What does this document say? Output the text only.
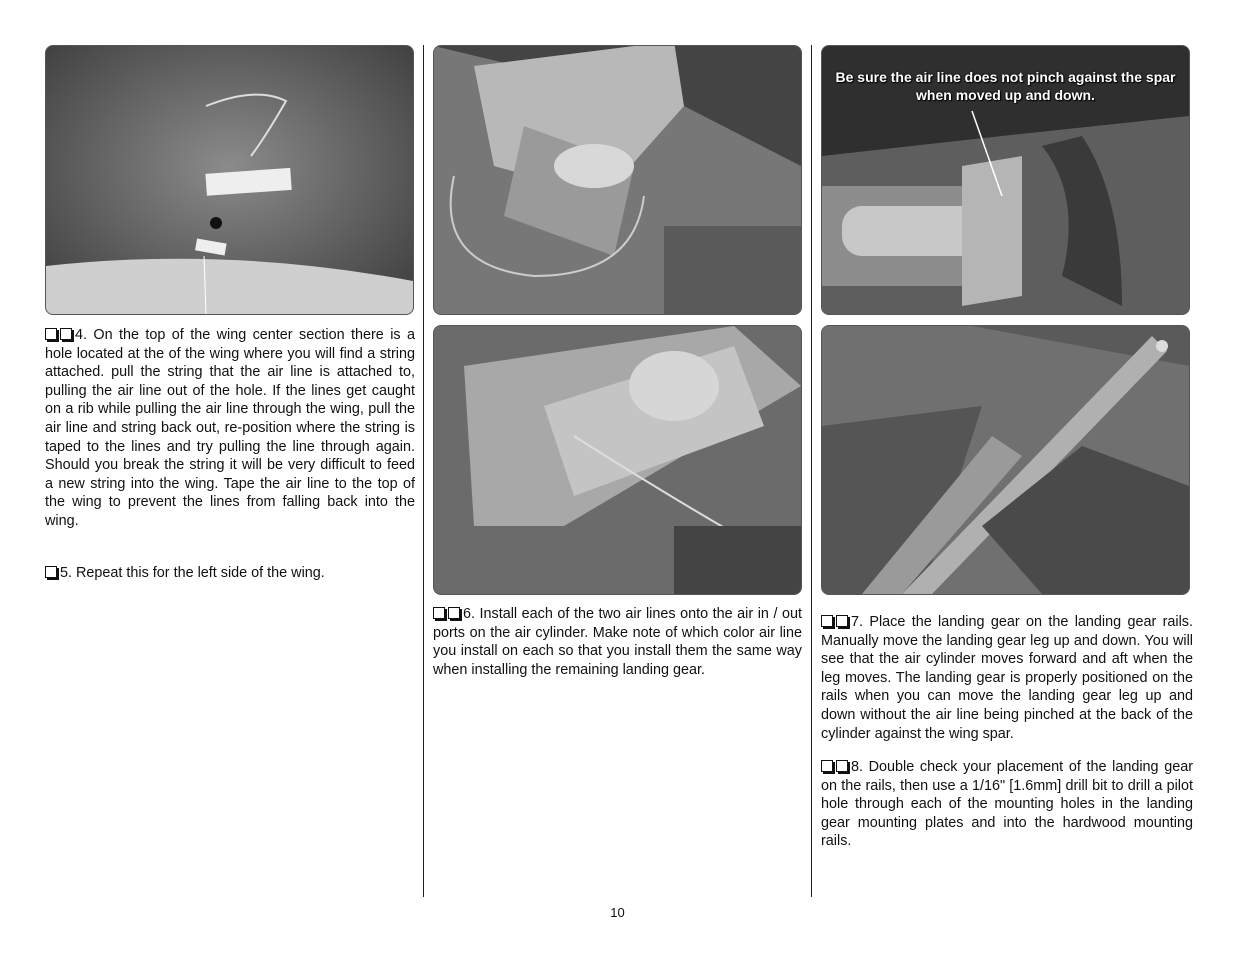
Be sure the air line does not pinch against the spar when moved up and down.

4. On the top of the wing center section there is a hole located at the of the wing where you will find a string attached. pull the string that the air line is attached to, pulling the air line out of the hole. If the lines get caught on a rib while pulling the air line through the wing, pull the air line and string back out, re-position where the string is taped to the lines and try pulling the line through again. Should you break the string it will be very difficult to feed a new string into the wing. Tape the air line to the top of the wing to prevent the lines from falling back into the wing.

5. Repeat this for the left side of the wing.

6. Install each of the two air lines onto the air in / out ports on the air cylinder. Make note of which color air line you install on each so that you install them the same way when installing the remaining landing gear.

7. Place the landing gear on the landing gear rails. Manually move the landing gear leg up and down. You will see that the air cylinder moves forward and aft when the leg moves. The landing gear is properly positioned on the rails when you can move the landing gear leg up and down without the air line being pinched at the back of the cylinder against the wing spar.

8. Double check your placement of the landing gear on the rails, then use a 1/16" [1.6mm] drill bit to drill a pilot hole through each of the mounting holes in the landing gear mounting plates and into the hardwood mounting rails.

10
